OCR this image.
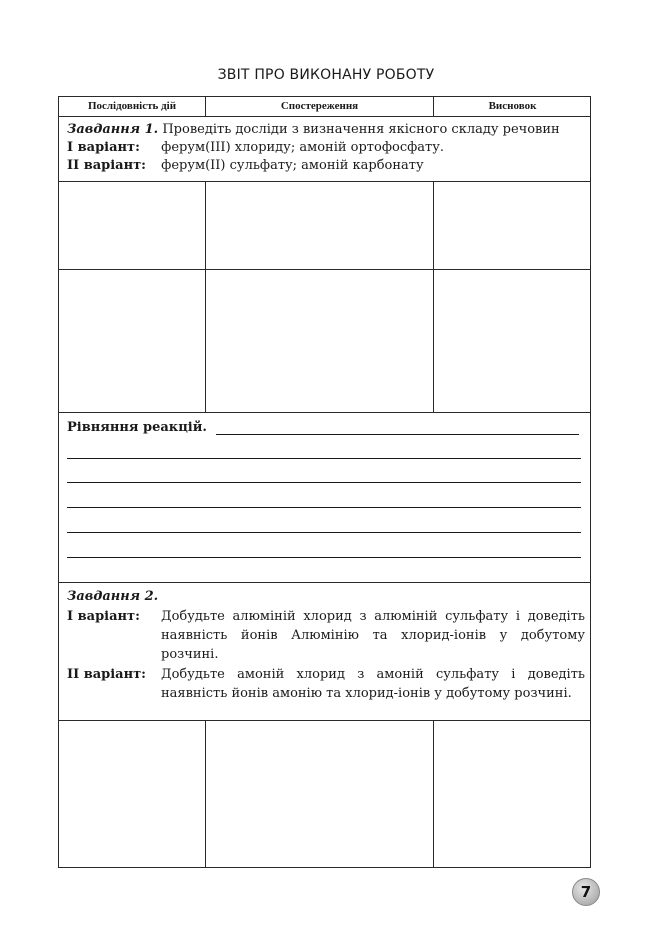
ЗВІТ ПРО ВИКОНАНУ РОБОТУ
Послідовність дій	Спостереження	Висновок
Завдання 1. Проведіть досліди з визначення якісного складу речовин
І варіант: ферум(ІІІ) хлориду; амоній ортофосфату.
ІІ варіант: ферум(ІІ) сульфату; амоній карбонату
Рівняння реакцій.
Завдання 2.
І варіант:	Добудьте алюміній хлорид з алюміній сульфату і доведіть наявність йонів Алюмінію та хлорид-іонів у добутому розчині.
ІІ варіант:	Добудьте амоній хлорид з амоній сульфату і доведіть наявність йонів амонію та хлорид-іонів у добутому розчині.
7
